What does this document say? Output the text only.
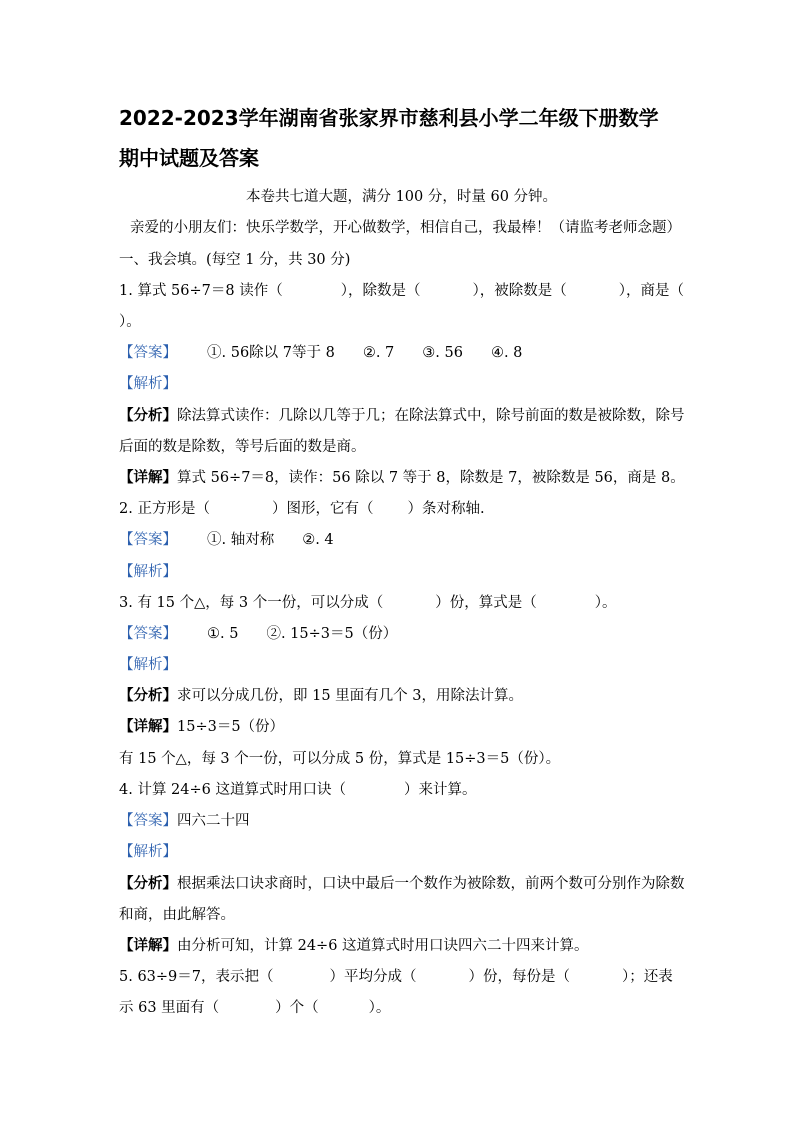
2022-2023学年湖南省张家界市慈利县小学二年级下册数学
期中试题及答案
本卷共七道大题，满分 100 分，时量 60 分钟。
亲爱的小朋友们：快乐学数学，开心做数学，相信自己，我最棒！（请监考老师念题）
一、我会填。(每空 1 分，共 30 分)
1. 算式 56÷7＝8 读作（	），除数是（	），被除数是（	），商是（
）。
【答案】 ①. 56除以 7等于 8 ②. 7 ③. 56 ④. 8
【解析】
【分析】除法算式读作：几除以几等于几；在除法算式中，除号前面的数是被除数，除号
后面的数是除数，等号后面的数是商。
【详解】算式 56÷7＝8，读作：56 除以 7 等于 8，除数是 7，被除数是 56，商是 8。
2. 正方形是（	）图形，它有（ ）条对称轴.
【答案】 ①. 轴对称 ②. 4
【解析】
3. 有 15 个△，每 3 个一份，可以分成（	）份，算式是（	）。
【答案】 ①. 5 ②. 15÷3＝5（份）
【解析】
【分析】求可以分成几份，即 15 里面有几个 3，用除法计算。
【详解】15÷3＝5（份）
有 15 个△，每 3 个一份，可以分成 5 份，算式是 15÷3＝5（份）。
4. 计算 24÷6 这道算式时用口诀（	）来计算。
【答案】四六二十四
【解析】
【分析】根据乘法口诀求商时，口诀中最后一个数作为被除数，前两个数可分别作为除数
和商，由此解答。
【详解】由分析可知，计算 24÷6 这道算式时用口诀四六二十四来计算。
5. 63÷9＝7，表示把（	）平均分成（	）份，每份是（	）；还表
示 63 里面有（	）个（	）。
